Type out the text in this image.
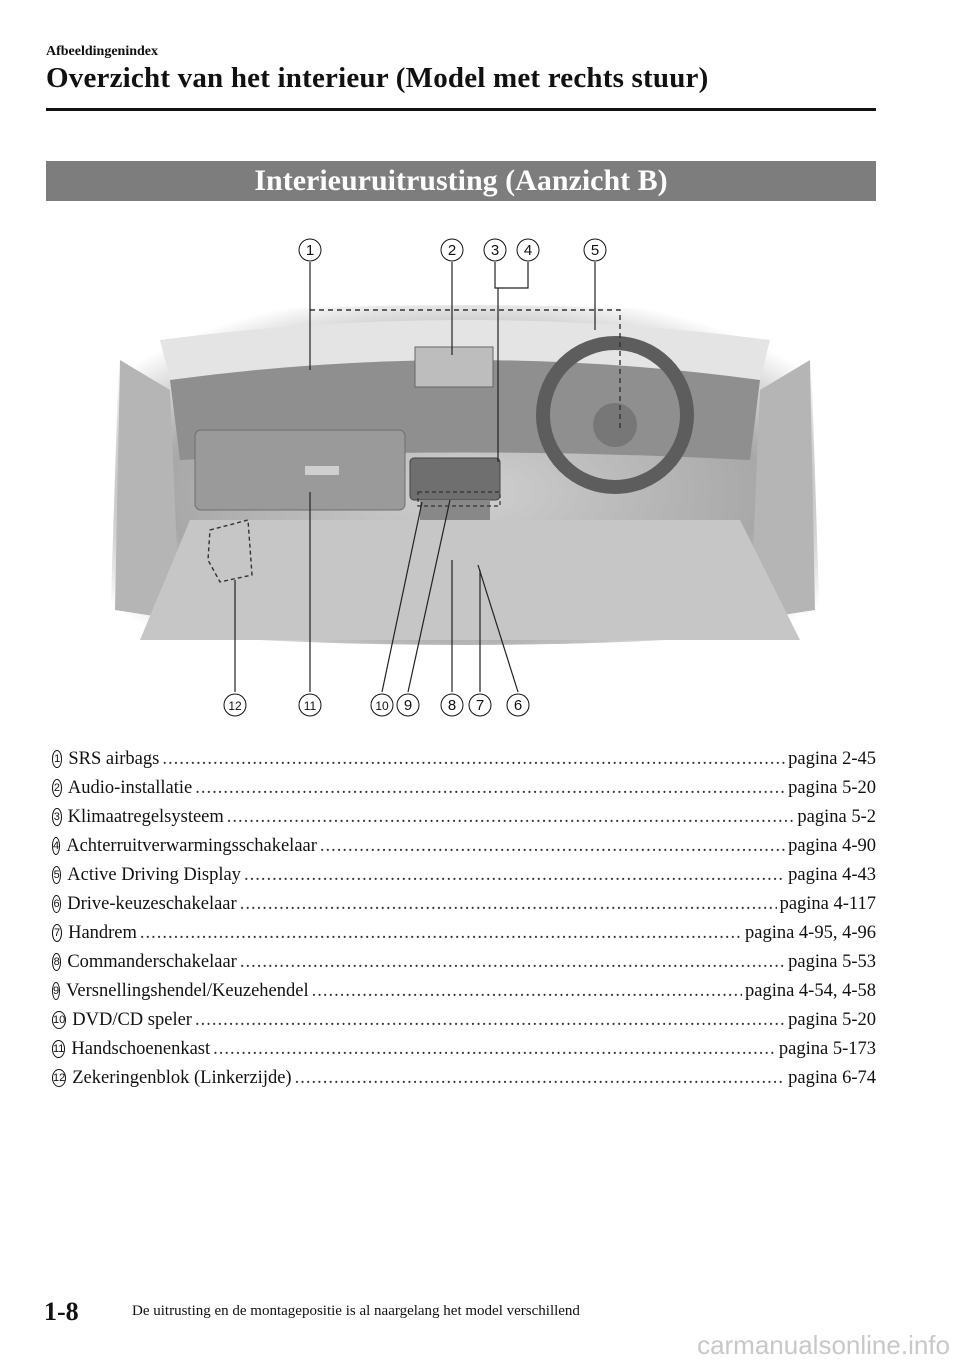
Afbeeldingenindex
Overzicht van het interieur (Model met rechts stuur)
Interieuruitrusting (Aanzicht B)
1	2 3 4	5
6
7
8
9
10
11
12
1 SRS airbags .....	pagina 2-45
2 Audio-installatie .....	pagina 5-20
3 Klimaatregelsysteem .....	pagina 5-2
4 Achterruitverwarmingsschakelaar .....	pagina 4-90
5 Active Driving Display .....	pagina 4-43
6 Drive-keuzeschakelaar .....	pagina 4-117
7 Handrem .....	pagina 4-95, 4-96
8 Commanderschakelaar .....	pagina 5-53
9 Versnellingshendel/Keuzehendel .....	pagina 4-54, 4-58
10 DVD/CD speler .....	pagina 5-20
11 Handschoenenkast .....	pagina 5-173
12 Zekeringenblok (Linkerzijde) .....	pagina 6-74
1-8	De uitrusting en de montagepositie is al naargelang het model verschillend
carmanualsonline.info
